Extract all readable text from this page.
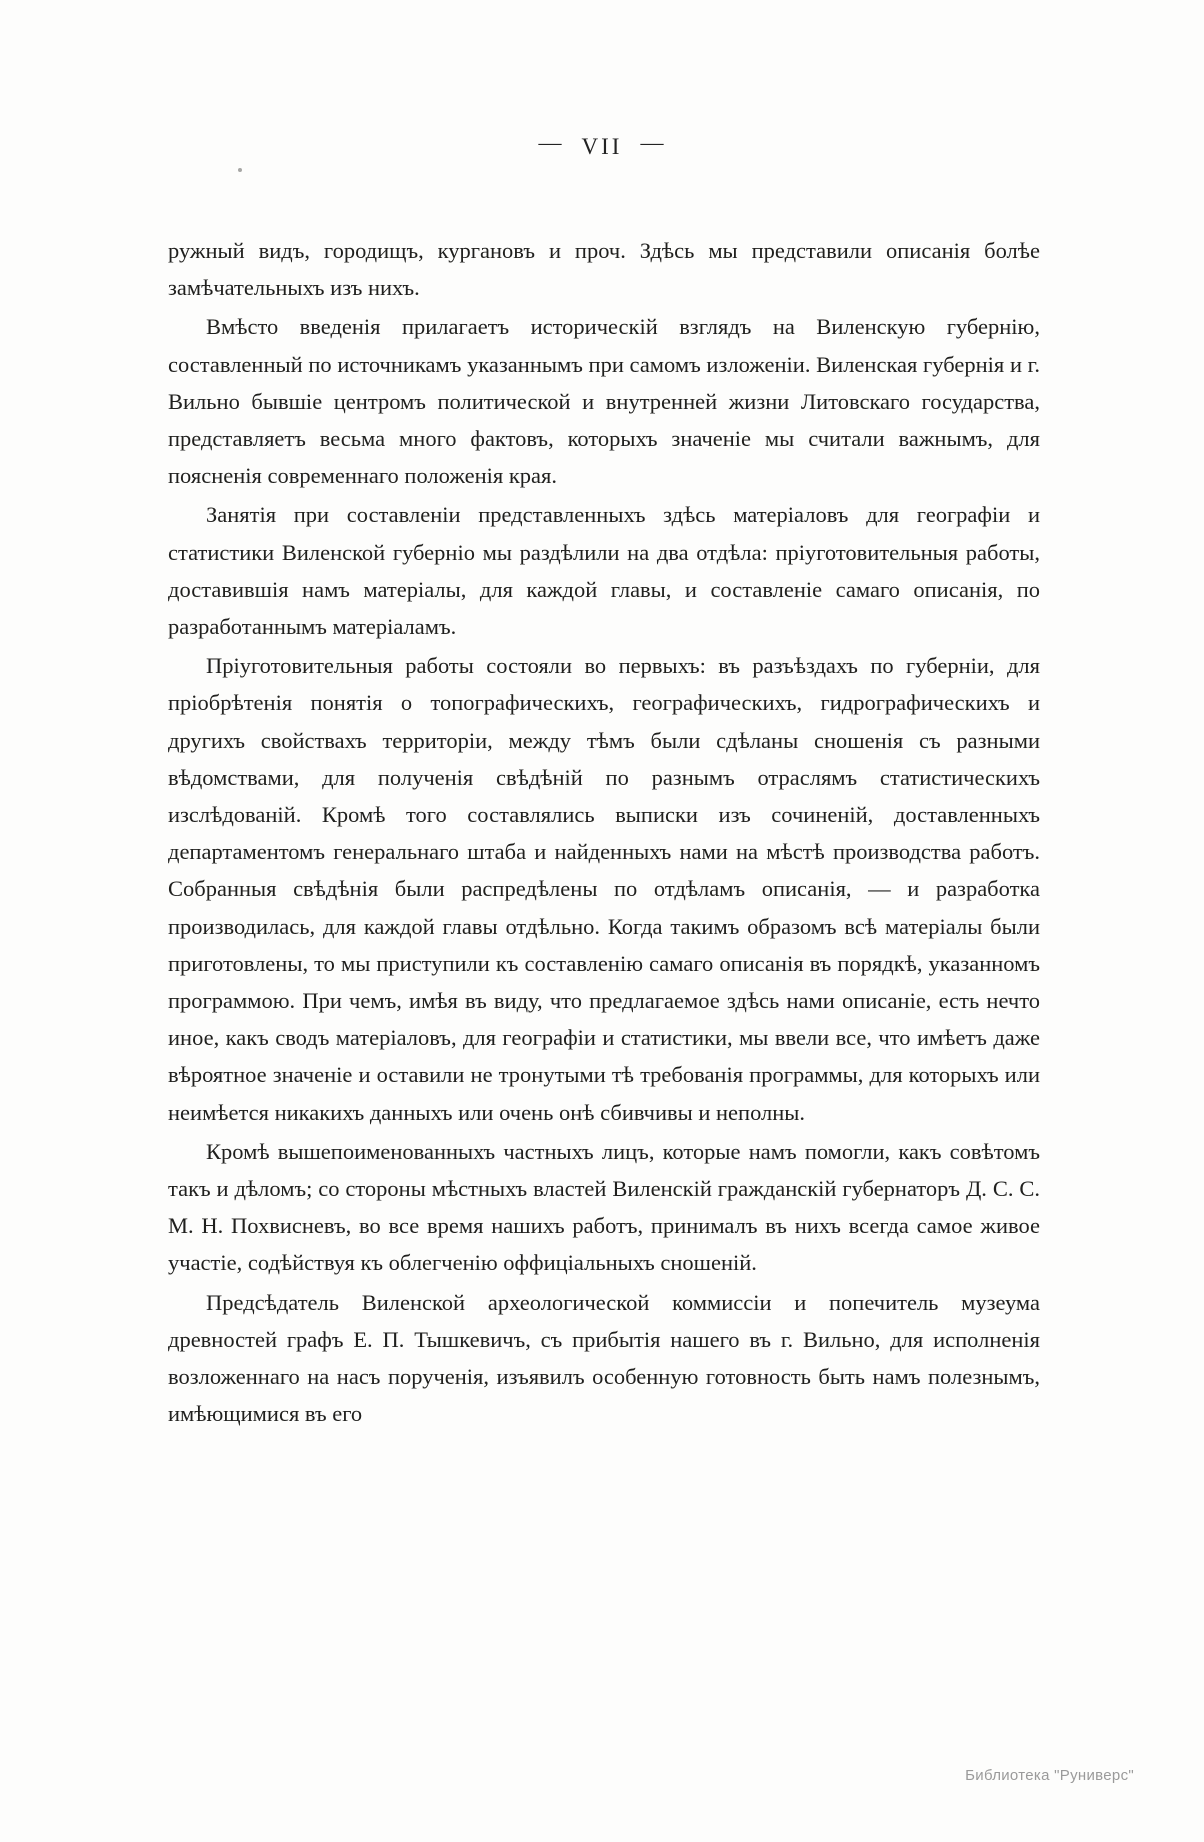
— VII —

ружный видъ, городищъ, кургановъ и проч. Здѣсь мы представили описанія болѣе замѣчательныхъ изъ нихъ.

Вмѣсто введенія прилагаетъ историческій взглядъ на Виленскую губернію, составленный по источникамъ указаннымъ при самомъ изложеніи. Виленская губернія и г. Вильно бывшіе центромъ политической и внутренней жизни Литовскаго государства, представляетъ весьма много фактовъ, которыхъ значеніе мы считали важнымъ, для поясненія современнаго положенія края.

Занятія при составленіи представленныхъ здѣсь матеріаловъ для географіи и статистики Виленской губерніо мы раздѣлили на два отдѣла: пріуготовительныя работы, доставившія намъ матеріалы, для каждой главы, и составленіе самаго описанія, по разработаннымъ матеріаламъ.

Пріуготовительныя работы состояли во первыхъ: въ разъѣздахъ по губерніи, для пріобрѣтенія понятія о топографическихъ, географическихъ, гидрографическихъ и другихъ свойствахъ территоріи, между тѣмъ были сдѣланы сношенія съ разными вѣдомствами, для полученія свѣдѣній по разнымъ отраслямъ статистическихъ изслѣдованій. Кромѣ того составлялись выписки изъ сочиненій, доставленныхъ департаментомъ генеральнаго штаба и найденныхъ нами на мѣстѣ производства работъ. Собранныя свѣдѣнія были распредѣлены по отдѣламъ описанія, — и разработка производилась, для каждой главы отдѣльно. Когда такимъ образомъ всѣ матеріалы были приготовлены, то мы приступили къ составленію самаго описанія въ порядкѣ, указанномъ программою. При чемъ, имѣя въ виду, что предлагаемое здѣсь нами описаніе, есть нечто иное, какъ сводъ матеріаловъ, для географіи и статистики, мы ввели все, что имѣетъ даже вѣроятное значеніе и оставили не тронутыми тѣ требованія программы, для которыхъ или неимѣется никакихъ данныхъ или очень онѣ сбивчивы и неполны.

Кромѣ вышепоименованныхъ частныхъ лицъ, которые намъ помогли, какъ совѣтомъ такъ и дѣломъ; со стороны мѣстныхъ властей Виленскій гражданскій губернаторъ Д. С. С. М. Н. Похвисневъ, во все время нашихъ работъ, принималъ въ нихъ всегда самое живое участіе, содѣйствуя къ облегченію оффиціальныхъ сношеній.

Предсѣдатель Виленской археологической коммиссіи и попечитель музеума древностей графъ Е. П. Тышкевичъ, съ прибытія нашего въ г. Вильно, для исполненія возложеннаго на насъ порученія, изъявилъ особенную готовность быть намъ полезнымъ, имѣющимися въ его

Библиотека "Руниверс"
